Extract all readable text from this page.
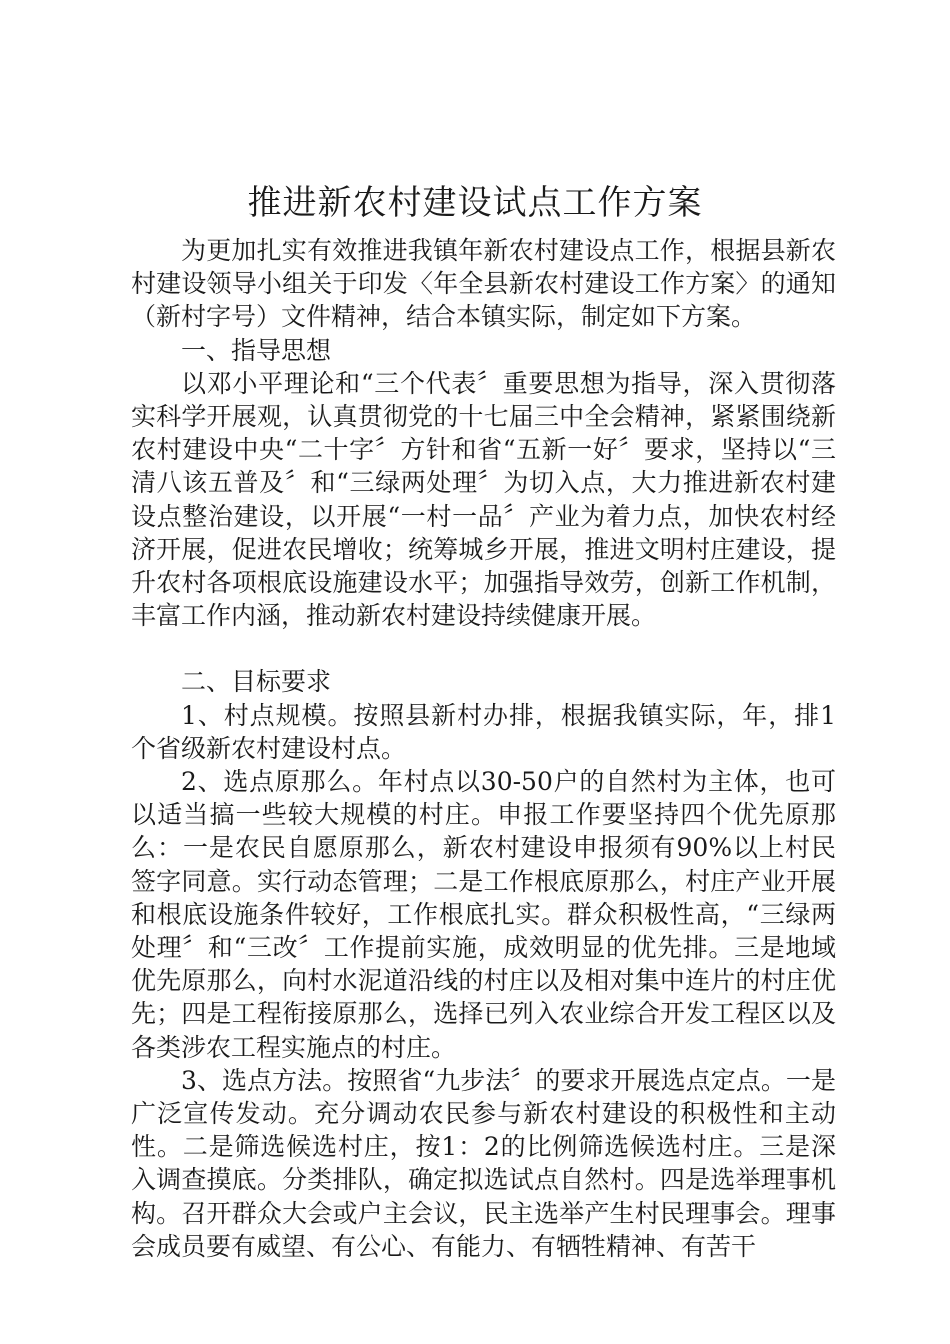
推进新农村建设试点工作方案

为更加扎实有效推进我镇年新农村建设点工作，根据县新农村建设领导小组关于印发〈年全县新农村建设工作方案〉的通知（新村字号）文件精神，结合本镇实际，制定如下方案。

一、指导思想

以邓小平理论和“三个代表〞重要思想为指导，深入贯彻落实科学开展观，认真贯彻党的十七届三中全会精神，紧紧围绕新农村建设中央“二十字〞方针和省“五新一好〞要求，坚持以“三清八该五普及〞和“三绿两处理〞为切入点，大力推进新农村建设点整治建设，以开展“一村一品〞产业为着力点，加快农村经济开展，促进农民增收；统筹城乡开展，推进文明村庄建设，提升农村各项根底设施建设水平；加强指导效劳，创新工作机制，丰富工作内涵，推动新农村建设持续健康开展。

二、目标要求

1、村点规模。按照县新村办排，根据我镇实际，年，排1个省级新农村建设村点。

2、选点原那么。年村点以30-50户的自然村为主体，也可以适当搞一些较大规模的村庄。申报工作要坚持四个优先原那么：一是农民自愿原那么，新农村建设申报须有90%以上村民签字同意。实行动态管理；二是工作根底原那么，村庄产业开展和根底设施条件较好，工作根底扎实。群众积极性高，“三绿两处理〞和“三改〞工作提前实施，成效明显的优先排。三是地域优先原那么，向村水泥道沿线的村庄以及相对集中连片的村庄优先；四是工程衔接原那么，选择已列入农业综合开发工程区以及各类涉农工程实施点的村庄。

3、选点方法。按照省“九步法〞的要求开展选点定点。一是广泛宣传发动。充分调动农民参与新农村建设的积极性和主动性。二是筛选候选村庄，按1：2的比例筛选候选村庄。三是深入调查摸底。分类排队，确定拟选试点自然村。四是选举理事机构。召开群众大会或户主会议，民主选举产生村民理事会。理事会成员要有威望、有公心、有能力、有牺牲精神、有苦干
